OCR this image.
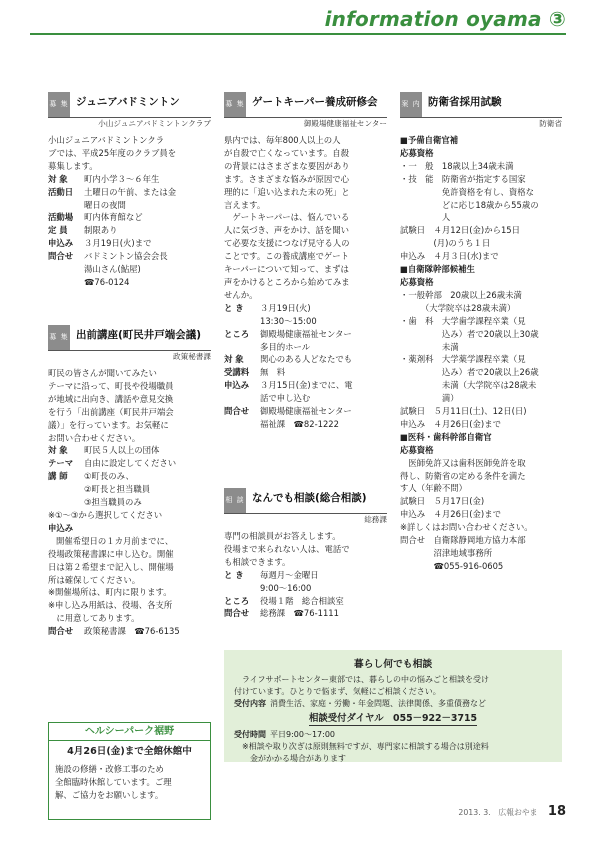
information oyama ③
募 集 ジュニアバドミントン
小山ジュニアバドミントンクラブ

小山ジュニアバドミントンクラ

ブでは、平成25年度のクラブ員を

募集します。

対 象	町内小学３～６年生
活動日	土曜日の午前、または金
曜日の夜間
活動場	町内体育館など
定 員	制限あり
申込み	３月19日(火)まで
問合せ	バドミントン協会会長
湯山さん(鮎屋)
☎76-0124
募 集 出前講座(町民井戸端会議)
政策秘書課

町民の皆さんが聞いてみたい

テーマに沿って、町長や役場職員

が地域に出向き、講話や意見交換

を行う「出前講座（町民井戸端会

議）」を行っています。お気軽に

お問い合わせください。

対 象	町民５人以上の団体
テーマ	自由に設定してください
講 師	①町長のみ、
②町長と担当職員
③担当職員のみ

※①～③から選択してください

申込み

開催希望日の１カ月前までに、

役場政策秘書課に申し込む。開催

日は第２希望まで記入し、開催場

所は確保してください。

※開催場所は、町内に限ります。

※申し込み用紙は、役場、各支所

　に用意してあります。

問合せ	政策秘書課　☎76-6135
ヘルシーパーク裾野
4月26日(金)まで全館休館中

施設の修繕・改修工事のため

全館臨時休館しています。ご理

解、ご協力をお願いします。

募 集 ゲートキーパー養成研修会
御殿場健康福祉センター

県内では、毎年800人以上の人

が自殺で亡くなっています。自殺

の背景にはさまざまな要因があり

ます。さまざまな悩みが原因で心

理的に「追い込まれた末の死」と

言えます。

　ゲートキーパーは、悩んでいる

人に気づき、声をかけ、話を聞い

て必要な支援につなげ見守る人の

ことです。この養成講座でゲート

キーパーについて知って、まずは

声をかけるところから始めてみま

せんか。

と き	３月19日(火)
13:30～15:00
ところ	御殿場健康福祉センター
多目的ホール
対 象	関心のある人どなたでも
受講料	無　料
申込み	３月15日(金)までに、電
話で申し込む
問合せ	御殿場健康福祉センター
福祉課　☎82-1222
相 談 なんでも相談(総合相談)
総務課

専門の相談員がお答えします。

役場まで来られない人は、電話で

も相談できます。

と き	毎週月～金曜日
9:00～16:00
ところ	役場１階　総合相談室
問合せ	総務課　☎76-1111
案 内 防衛省採用試験
防衛省

■予備自衛官補

応募資格

・一　般　18歳以上34歳未満

・技　能　防衛省が指定する国家

　　　　　免許資格を有し、資格な

　　　　　どに応じ18歳から55歳の

　　　　　人

試験日　４月12日(金)から15日

　　　　(月)のうち１日

申込み　４月３日(水)まで

■自衛隊幹部候補生

応募資格

・一般幹部　20歳以上26歳未満

　　　（大学院卒は28歳未満）

・歯　科　大学歯学課程卒業（見

　　　　　込み）者で20歳以上30歳

　　　　　未満

・薬剤科　大学薬学課程卒業（見

　　　　　込み）者で20歳以上26歳

　　　　　未満（大学院卒は28歳未

　　　　　満）

試験日　５月11日(土)、12日(日)

申込み　４月26日(金)まで

■医科・歯科幹部自衛官

応募資格

　医師免許又は歯科医師免許を取

得し、防衛省の定める条件を満た

す人（年齢不問）

試験日　５月17日(金)

申込み　４月26日(金)まで

※詳しくはお問い合わせください。

問合せ　自衛隊静岡地方協力本部

　　　　沼津地域事務所

　　　　☎055-916-0605

暮らし何でも相談

　ライフサポートセンター東部では、暮らしの中の悩みごと相談を受け

付けています。ひとりで悩まず、気軽にご相談ください。

受付内容 消費生活、家庭・労働・年金問題、法律関係、多重債務など
相談受付ダイヤル　055－922－3715
受付時間 平日9:00～17:00

※相談や取り次ぎは原則無料ですが、専門家に相談する場合は別途料

　金がかかる場合があります

2013. 3.　広報おやま 18
